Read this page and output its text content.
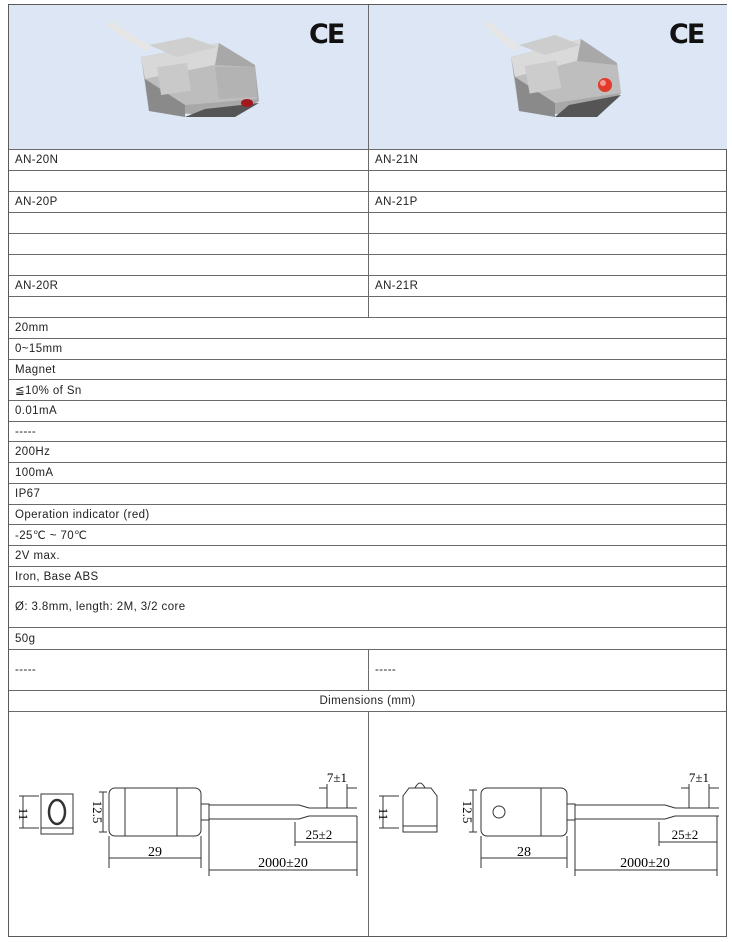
CE	CE
AN-20N	AN-21N
AN-20P	AN-21P
AN-20R	AN-21R
20mm
0~15mm
Magnet
≦10% of Sn
0.01mA
-----
200Hz
100mA
IP67
Operation indicator (red)
-25℃ ~ 70℃
2V max.
Iron, Base ABS
Ø: 3.8mm, length: 2M, 3/2 core
50g
-----	-----
Dimensions (mm)
11	12.5
7±1
25±2
29
2000±20
11	12.5
7±1
25±2
28
2000±20
